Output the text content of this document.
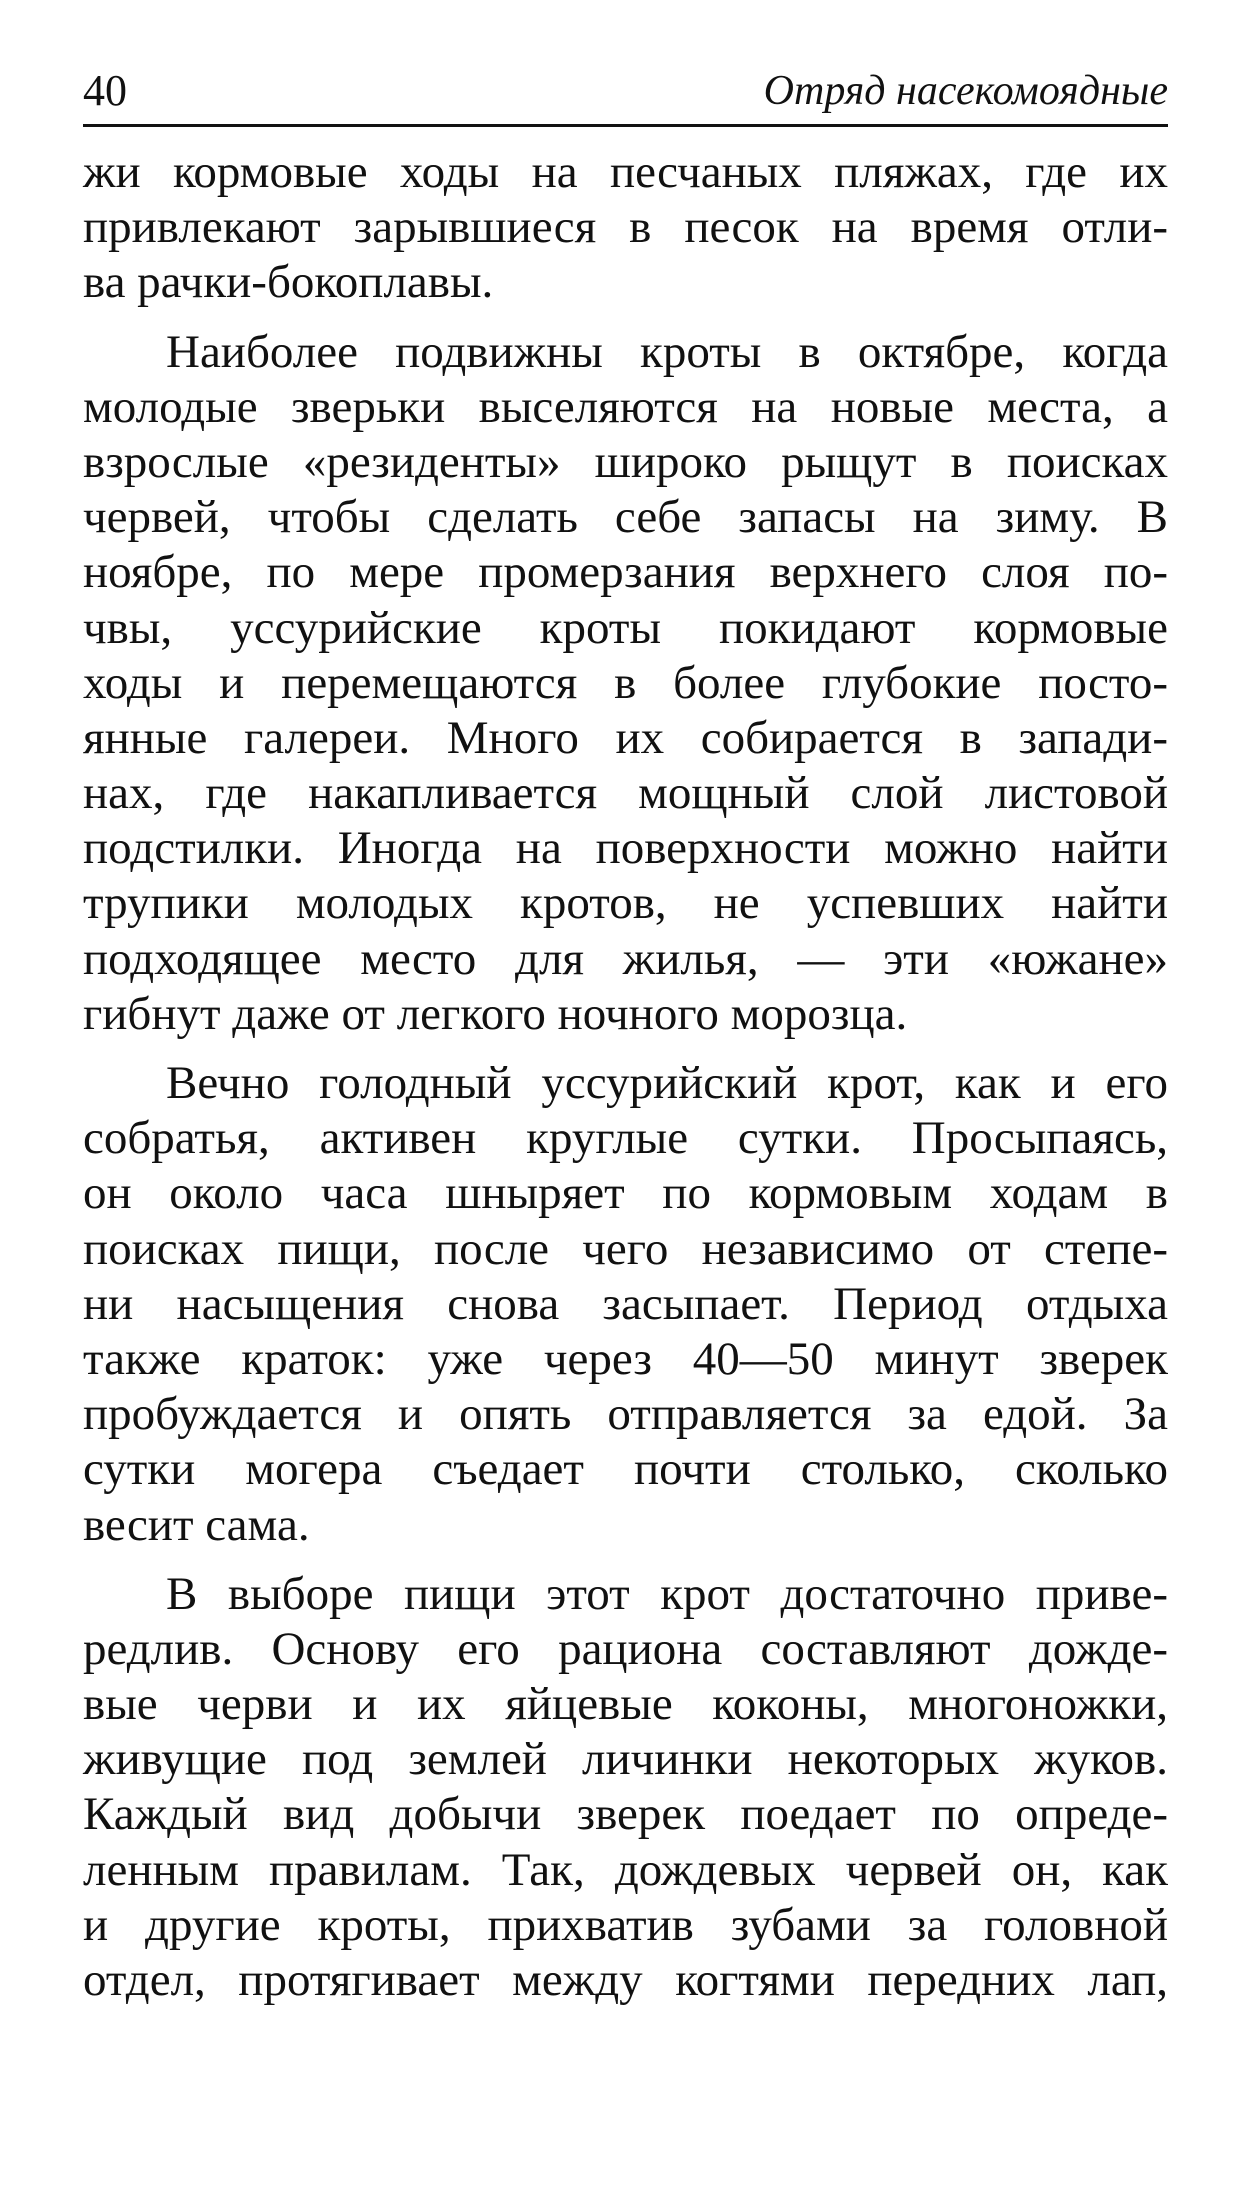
40	Отряд насекомоядные

жи кормовые ходы на песчаных пляжах, где их
привлекают зарывшиеся в песок на время отли-
ва рачки-бокоплавы.

Наиболее подвижны кроты в октябре, когда
молодые зверьки выселяются на новые места, а
взрослые «резиденты» широко рыщут в поисках
червей, чтобы сделать себе запасы на зиму. В
ноябре, по мере промерзания верхнего слоя по-
чвы, уссурийские кроты покидают кормовые
ходы и перемещаются в более глубокие посто-
янные галереи. Много их собирается в запади-
нах, где накапливается мощный слой листовой
подстилки. Иногда на поверхности можно найти
трупики молодых кротов, не успевших найти
подходящее место для жилья, — эти «южане»
гибнут даже от легкого ночного морозца.

Вечно голодный уссурийский крот, как и его
собратья, активен круглые сутки. Просыпаясь,
он около часа шныряет по кормовым ходам в
поисках пищи, после чего независимо от степе-
ни насыщения снова засыпает. Период отдыха
также краток: уже через 40—50 минут зверек
пробуждается и опять отправляется за едой. За
сутки могера съедает почти столько, сколько
весит сама.

В выборе пищи этот крот достаточно приве-
редлив. Основу его рациона составляют дожде-
вые черви и их яйцевые коконы, многоножки,
живущие под землей личинки некоторых жуков.
Каждый вид добычи зверек поедает по опреде-
ленным правилам. Так, дождевых червей он, как
и другие кроты, прихватив зубами за головной
отдел, протягивает между когтями передних лап,
